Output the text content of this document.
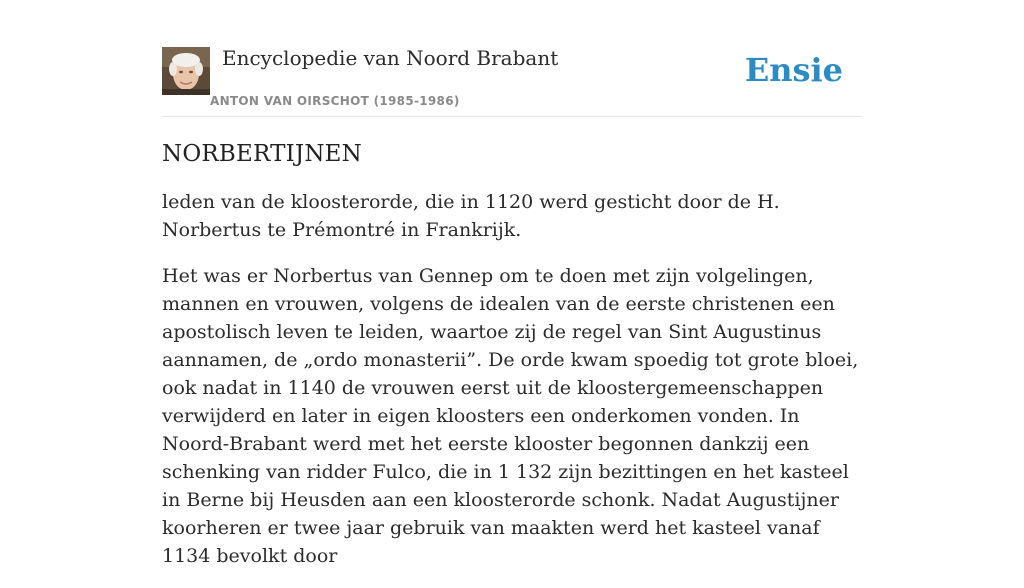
Encyclopedie van Noord Brabant
ANTON VAN OIRSCHOT (1985-1986)
Ensie
NORBERTIJNEN

leden van de kloosterorde, die in 1120 werd gesticht door de H. Norbertus te Prémontré in Frankrijk.

Het was er Norbertus van Gennep om te doen met zijn volgelingen, mannen en vrouwen, volgens de idealen van de eerste christenen een apostolisch leven te leiden, waartoe zij de regel van Sint Augustinus aannamen, de „ordo monasterii”. De orde kwam spoedig tot grote bloei, ook nadat in 1140 de vrouwen eerst uit de kloostergemeenschappen verwijderd en later in eigen kloosters een onderkomen vonden. In Noord-Brabant werd met het eerste klooster begonnen dankzij een schenking van ridder Fulco, die in 1 132 zijn bezittingen en het kasteel in Berne bij Heusden aan een kloosterorde schonk. Nadat Augustijner koorheren er twee jaar gebruik van maakten werd het kasteel vanaf 1134 bevolkt door
